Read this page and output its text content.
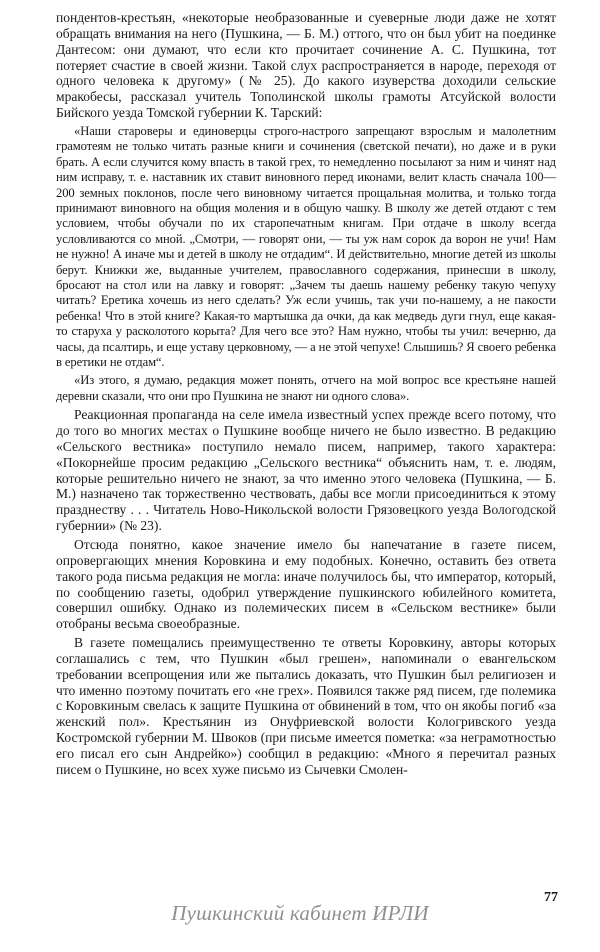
пондентов-крестьян, «некоторые необразованные и суеверные люди даже не хотят обращать внимания на него (Пушкина, — Б. М.) оттого, что он был убит на поединке Дантесом: они думают, что если кто прочитает сочинение А. С. Пушкина, тот потеряет счастие в своей жизни. Такой слух распространяется в народе, переходя от одного человека к другому» (№ 25). До какого изуверства доходили сельские мракобесы, рассказал учитель Тополинской школы грамоты Атсуйской волости Бийского уезда Томской губернии К. Тарский:

«Наши староверы и единоверцы строго-настрого запрещают взрослым и малолетним грамотеям не только читать разные книги и сочинения (светской печати), но даже и в руки брать. А если случится кому впасть в такой грех, то немедленно посылают за ним и чинят над ним исправу, т. е. наставник их ставит виновного перед иконами, велит класть сначала 100—200 земных поклонов, после чего виновному читается прощальная молитва, и только тогда принимают виновного на общия моления и в общую чашку. В школу же детей отдают с тем условием, чтобы обучали по их старопечатным книгам. При отдаче в школу всегда условливаются со мной. „Смотри, — говорят они, — ты уж нам сорок да ворон не учи! Нам не нужно! А иначе мы и детей в школу не отдадим“. И действительно, многие детей из школы берут. Книжки же, выданные учителем, православного содержания, принесши в школу, бросают на стол или на лавку и говорят: „Зачем ты даешь нашему ребенку такую чепуху читать? Еретика хочешь из него сделать? Уж если учишь, так учи по-нашему, а не пакости ребенка! Что в этой книге? Какая-то мартышка да очки, да как медведь дуги гнул, еще какая-то старуха у расколотого корыта? Для чего все это? Нам нужно, чтобы ты учил: вечерню, да часы, да псалтирь, и еще уставу церковному, — а не этой чепухе! Слышишь? Я своего ребенка в еретики не отдам“.

«Из этого, я думаю, редакция может понять, отчего на мой вопрос все крестьяне нашей деревни сказали, что они про Пушкина не знают ни одного слова».

Реакционная пропаганда на селе имела известный успех прежде всего потому, что до того во многих местах о Пушкине вообще ничего не было известно. В редакцию «Сельского вестника» поступило немало писем, например, такого характера: «Покорнейше просим редакцию „Сельского вестника“ объяснить нам, т. е. людям, которые решительно ничего не знают, за что именно этого человека (Пушкина, — Б. М.) назначено так торжественно чествовать, дабы все могли присоединиться к этому празднеству . . . Читатель Ново-Никольской волости Грязовецкого уезда Вологодской губернии» (№ 23).

Отсюда понятно, какое значение имело бы напечатание в газете писем, опровергающих мнения Коровкина и ему подобных. Конечно, оставить без ответа такого рода письма редакция не могла: иначе получилось бы, что император, который, по сообщению газеты, одобрил утверждение пушкинского юбилейного комитета, совершил ошибку. Однако из полемических писем в «Сельском вестнике» были отобраны весьма своеобразные.

В газете помещались преимущественно те ответы Коровкину, авторы которых соглашались с тем, что Пушкин «был грешен», напоминали о евангельском требовании всепрощения или же пытались доказать, что Пушкин был религиозен и что именно поэтому почитать его «не грех». Появился также ряд писем, где полемика с Коровкиным свелась к защите Пушкина от обвинений в том, что он якобы погиб «за женский пол». Крестьянин из Онуфриевской волости Кологривского уезда Костромской губернии М. Швоков (при письме имеется пометка: «за неграмотностью его писал его сын Андрейко») сообщил в редакцию: «Много я перечитал разных писем о Пушкине, но всех хуже письмо из Сычевки Смолен-

77
Пушкинский кабинет ИРЛИ
